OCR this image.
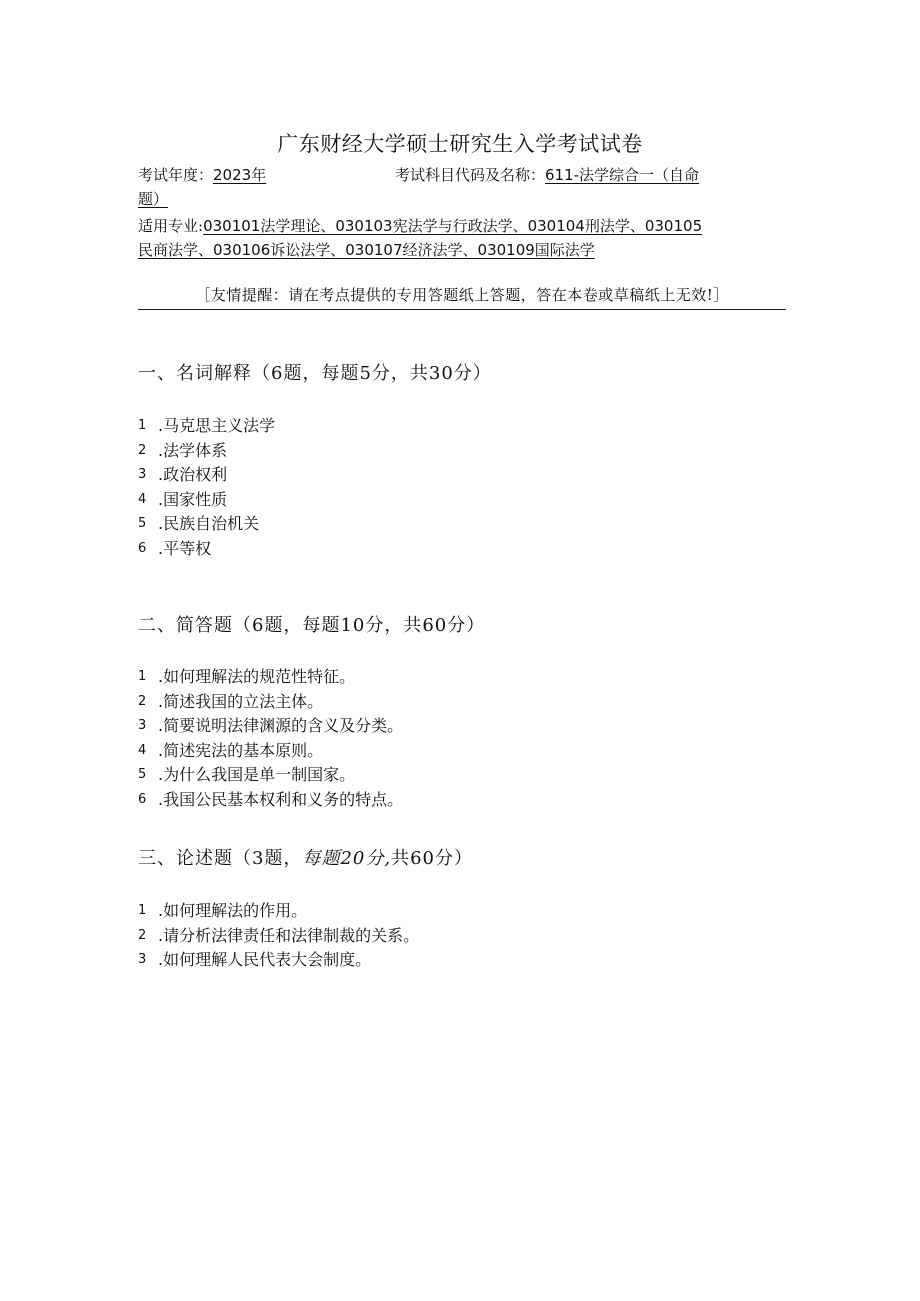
广东财经大学硕士研究生入学考试试卷
考试年度：2023年	考试科目代码及名称：611-法学综合一（自命
题）
适用专业:030101法学理论、030103宪法学与行政法学、030104刑法学、030105
民商法学、030106诉讼法学、030107经济法学、030109国际法学
［友情提醒：请在考点提供的专用答题纸上答题，答在本卷或草稿纸上无效!］
一、名词解释（6题，每题5分，共30分）
1 .马克思主义法学
2 .法学体系
3 .政治权利
4 .国家性质
5 .民族自治机关
6 .平等权
二、简答题（6题，每题10分，共60分）
1 .如何理解法的规范性特征。
2 .简述我国的立法主体。
3 .简要说明法律渊源的含义及分类。
4 .简述宪法的基本原则。
5 .为什么我国是单一制国家。
6 .我国公民基本权利和义务的特点。
三、论述题（3题，每题20分,共60分）
1 .如何理解法的作用。
2 .请分析法律责任和法律制裁的关系。
3 .如何理解人民代表大会制度。
